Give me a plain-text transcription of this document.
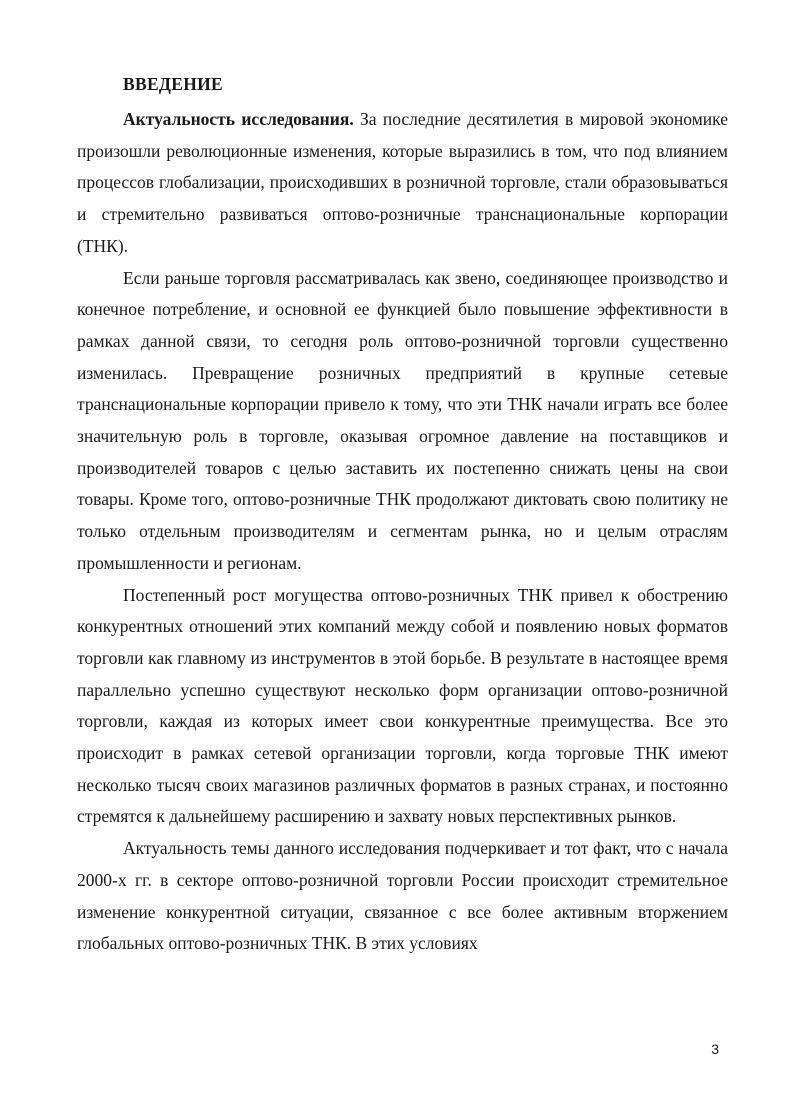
ВВЕДЕНИЕ

Актуальность исследования. За последние десятилетия в мировой экономике произошли революционные изменения, которые выразились в том, что под влиянием процессов глобализации, происходивших в розничной торговле, стали образовываться и стремительно развиваться оптово-розничные транснациональные корпорации (ТНК).

Если раньше торговля рассматривалась как звено, соединяющее производство и конечное потребление, и основной ее функцией было повышение эффективности в рамках данной связи, то сегодня роль оптово-розничной торговли существенно изменилась. Превращение розничных предприятий в крупные сетевые транснациональные корпорации привело к тому, что эти ТНК начали играть все более значительную роль в торговле, оказывая огромное давление на поставщиков и производителей товаров с целью заставить их постепенно снижать цены на свои товары. Кроме того, оптово-розничные ТНК продолжают диктовать свою политику не только отдельным производителям и сегментам рынка, но и целым отраслям промышленности и регионам.

Постепенный рост могущества оптово-розничных ТНК привел к обострению конкурентных отношений этих компаний между собой и появлению новых форматов торговли как главному из инструментов в этой борьбе. В результате в настоящее время параллельно успешно существуют несколько форм организации оптово-розничной торговли, каждая из которых имеет свои конкурентные преимущества. Все это происходит в рамках сетевой организации торговли, когда торговые ТНК имеют несколько тысяч своих магазинов различных форматов в разных странах, и постоянно стремятся к дальнейшему расширению и захвату новых перспективных рынков.

Актуальность темы данного исследования подчеркивает и тот факт, что с начала 2000-х гг. в секторе оптово-розничной торговли России происходит стремительное изменение конкурентной ситуации, связанное с все более активным вторжением глобальных оптово-розничных ТНК. В этих условиях

3
